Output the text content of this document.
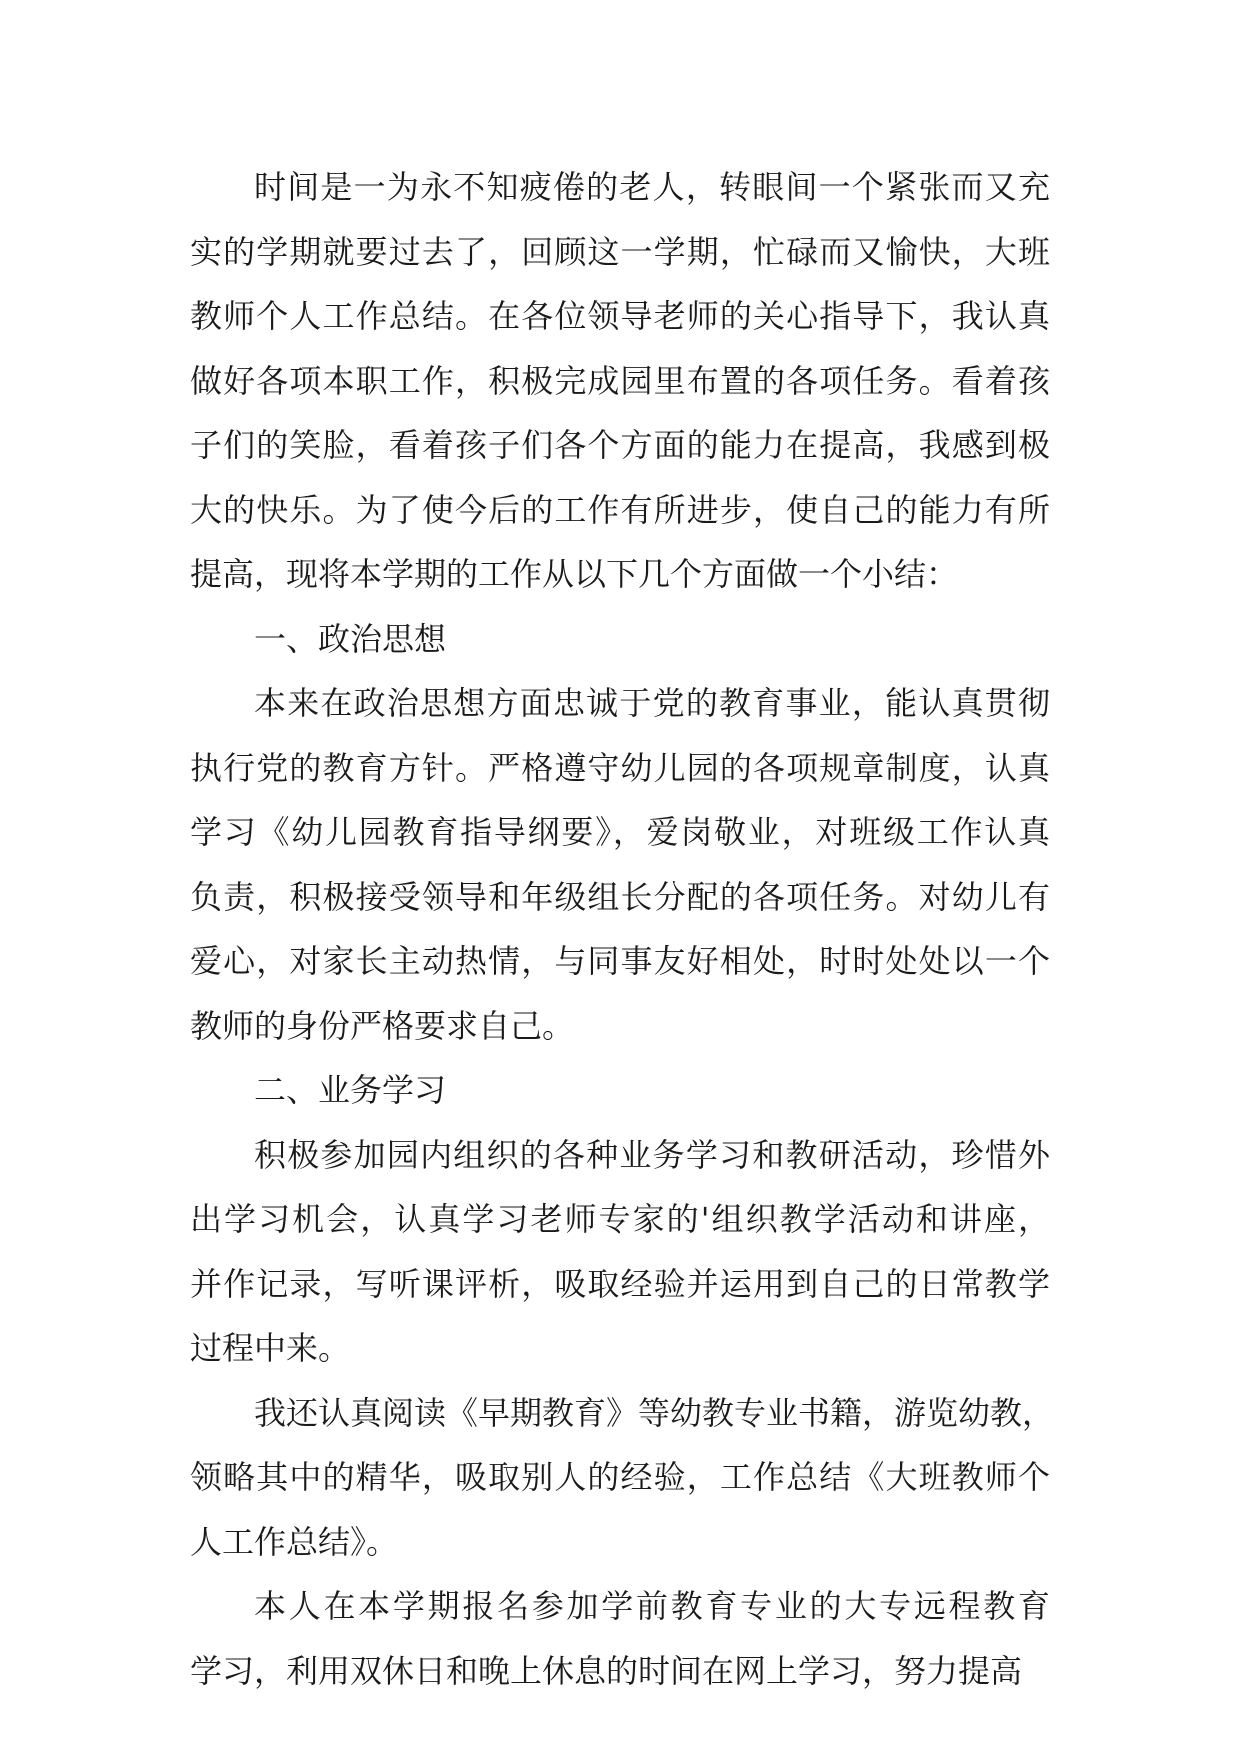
时间是一为永不知疲倦的老人，转眼间一个紧张而又充
实的学期就要过去了，回顾这一学期，忙碌而又愉快，大班
教师个人工作总结。在各位领导老师的关心指导下，我认真
做好各项本职工作，积极完成园里布置的各项任务。看着孩
子们的笑脸，看着孩子们各个方面的能力在提高，我感到极
大的快乐。为了使今后的工作有所进步，使自己的能力有所
提高，现将本学期的工作从以下几个方面做一个小结：
一、政治思想
本来在政治思想方面忠诚于党的教育事业，能认真贯彻
执行党的教育方针。严格遵守幼儿园的各项规章制度，认真
学习《幼儿园教育指导纲要》，爱岗敬业，对班级工作认真
负责，积极接受领导和年级组长分配的各项任务。对幼儿有
爱心，对家长主动热情，与同事友好相处，时时处处以一个
教师的身份严格要求自己。
二、业务学习
积极参加园内组织的各种业务学习和教研活动，珍惜外
出学习机会，认真学习老师专家的'组织教学活动和讲座，
并作记录，写听课评析，吸取经验并运用到自己的日常教学
过程中来。
我还认真阅读《早期教育》等幼教专业书籍，游览幼教，
领略其中的精华，吸取别人的经验，工作总结《大班教师个
人工作总结》。
本人在本学期报名参加学前教育专业的大专远程教育
学习，利用双休日和晚上休息的时间在网上学习，努力提高
